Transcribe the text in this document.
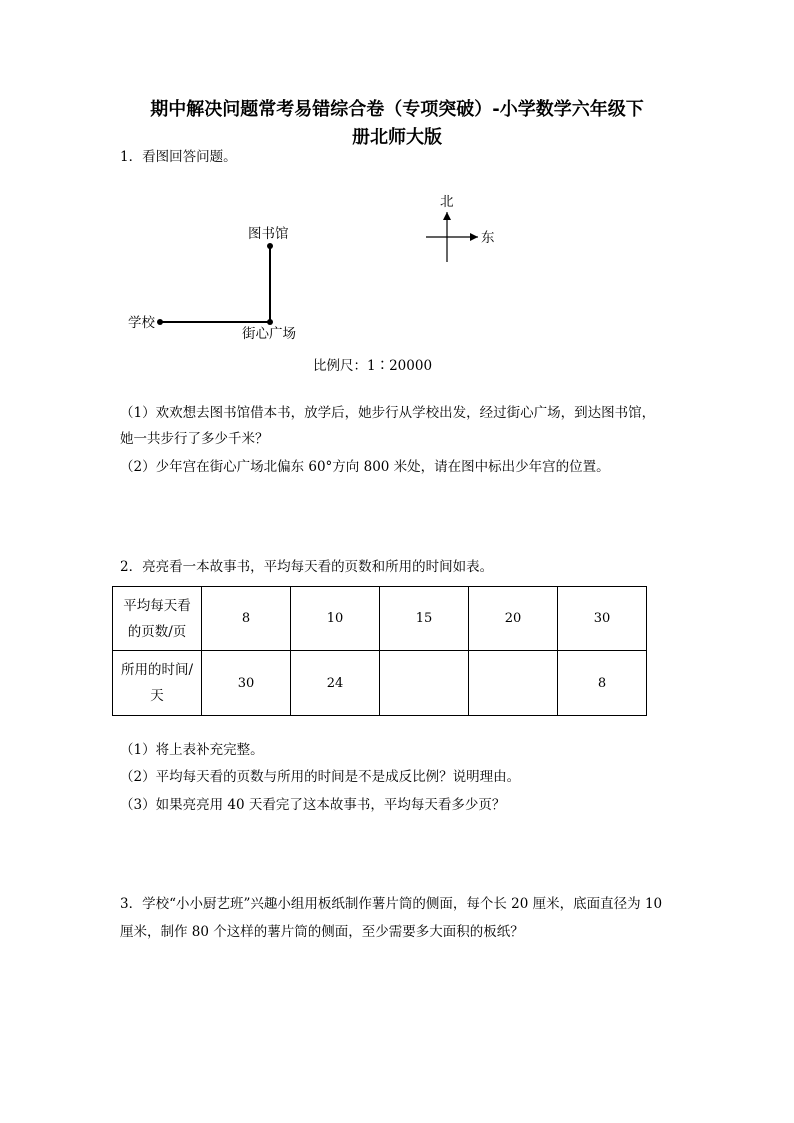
期中解决问题常考易错综合卷（专项突破）-小学数学六年级下
册北师大版
1．看图回答问题。
图书馆
学校
街心广场
北
东
比例尺：1∶20000
（1）欢欢想去图书馆借本书，放学后，她步行从学校出发，经过街心广场，到达图书馆，
她一共步行了多少千米？
（2）少年宫在街心广场北偏东 60°方向 800 米处，请在图中标出少年宫的位置。
2．亮亮看一本故事书，平均每天看的页数和所用的时间如表。
平均每天看
的页数/页	8	10	15	20	30

所用的时间/
天	30	24			8
（1）将上表补充完整。
（2）平均每天看的页数与所用的时间是不是成反比例？说明理由。
（3）如果亮亮用 40 天看完了这本故事书，平均每天看多少页？
3．学校“小小厨艺班”兴趣小组用板纸制作薯片筒的侧面，每个长 20 厘米，底面直径为 10
厘米，制作 80 个这样的薯片筒的侧面，至少需要多大面积的板纸？
